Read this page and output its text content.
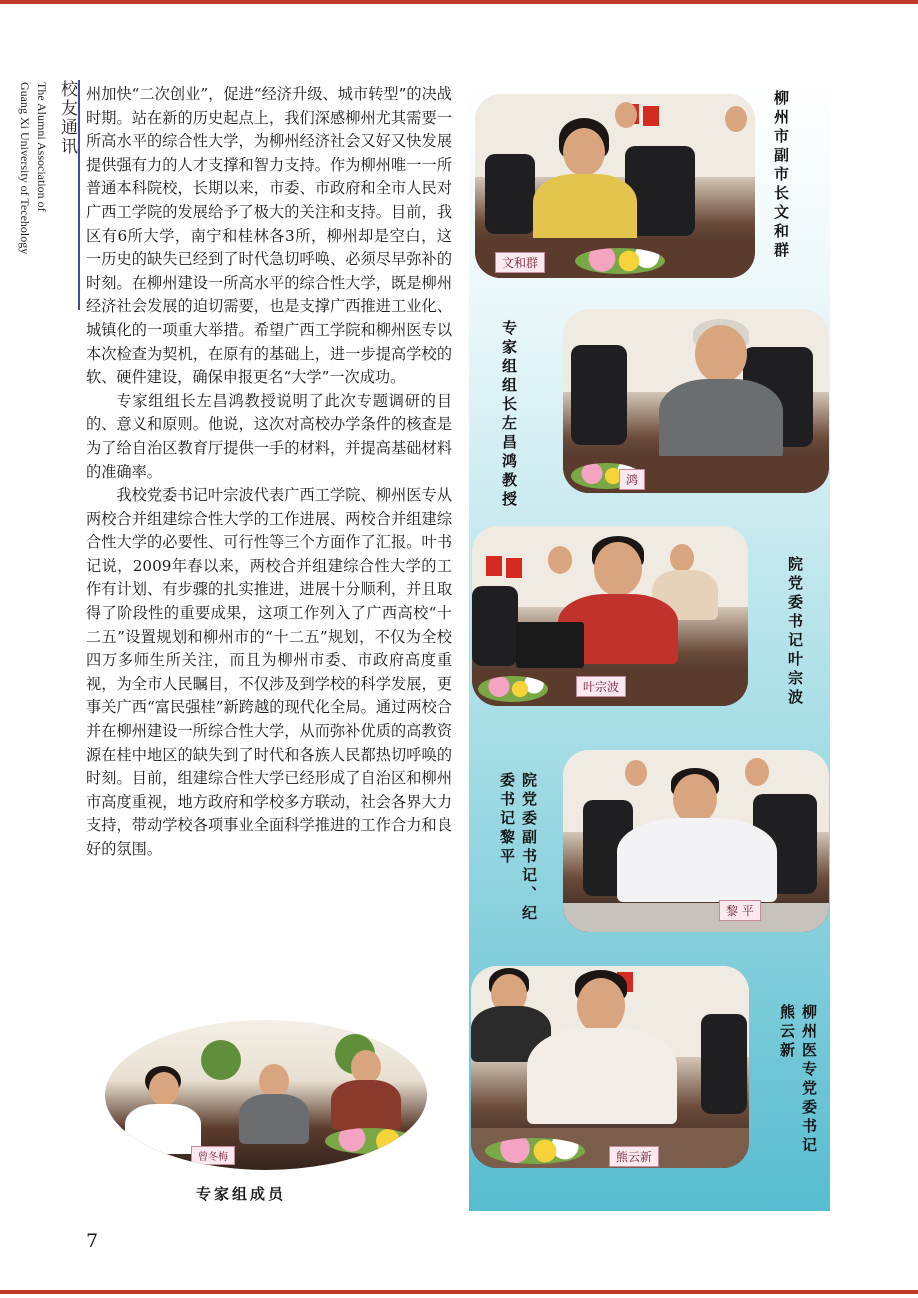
校友通讯
The Alumni Association of
Guang Xi University of Tecehology	州加快“二次创业”，促进“经济升级、城市转型”的决战时期。站在新的历史起点上，我们深感柳州尤其需要一所高水平的综合性大学，为柳州经济社会又好又快发展提供强有力的人才支撑和智力支持。作为柳州唯一一所普通本科院校，长期以来，市委、市政府和全市人民对广西工学院的发展给予了极大的关注和支持。目前，我区有6所大学，南宁和桂林各3所，柳州却是空白，这一历史的缺失已经到了时代急切呼唤、必须尽早弥补的时刻。在柳州建设一所高水平的综合性大学，既是柳州经济社会发展的迫切需要，也是支撑广西推进工业化、城镇化的一项重大举措。希望广西工学院和柳州医专以本次检查为契机，在原有的基础上，进一步提高学校的软、硬件建设，确保申报更名“大学”一次成功。

专家组组长左昌鸿教授说明了此次专题调研的目的、意义和原则。他说，这次对高校办学条件的核查是为了给自治区教育厅提供一手的材料，并提高基础材料的准确率。

我校党委书记叶宗波代表广西工学院、柳州医专从两校合并组建综合性大学的工作进展、两校合并组建综合性大学的必要性、可行性等三个方面作了汇报。叶书记说，2009年春以来，两校合并组建综合性大学的工作有计划、有步骤的扎实推进，进展十分顺利，并且取得了阶段性的重要成果，这项工作列入了广西高校“十二五”设置规划和柳州市的“十二五”规划，不仅为全校四万多师生所关注，而且为柳州市委、市政府高度重视，为全市人民瞩目，不仅涉及到学校的科学发展，更事关广西“富民强桂”新跨越的现代化全局。通过两校合并在柳州建设一所综合性大学，从而弥补优质的高教资源在桂中地区的缺失到了时代和各族人民都热切呼唤的时刻。目前，组建综合性大学已经形成了自治区和柳州市高度重视，地方政府和学校多方联动，社会各界大力支持，带动学校各项事业全面科学推进的工作合力和良好的氛围。

文和群
柳州市副市长文和群
鸿
专家组组长左昌鸿教授
叶宗波	院党委书记叶宗波
黎 平
院党委副书记、纪委书记黎平
熊云新
柳州医专党委书记熊云新
曾冬梅
专家组成员
7
